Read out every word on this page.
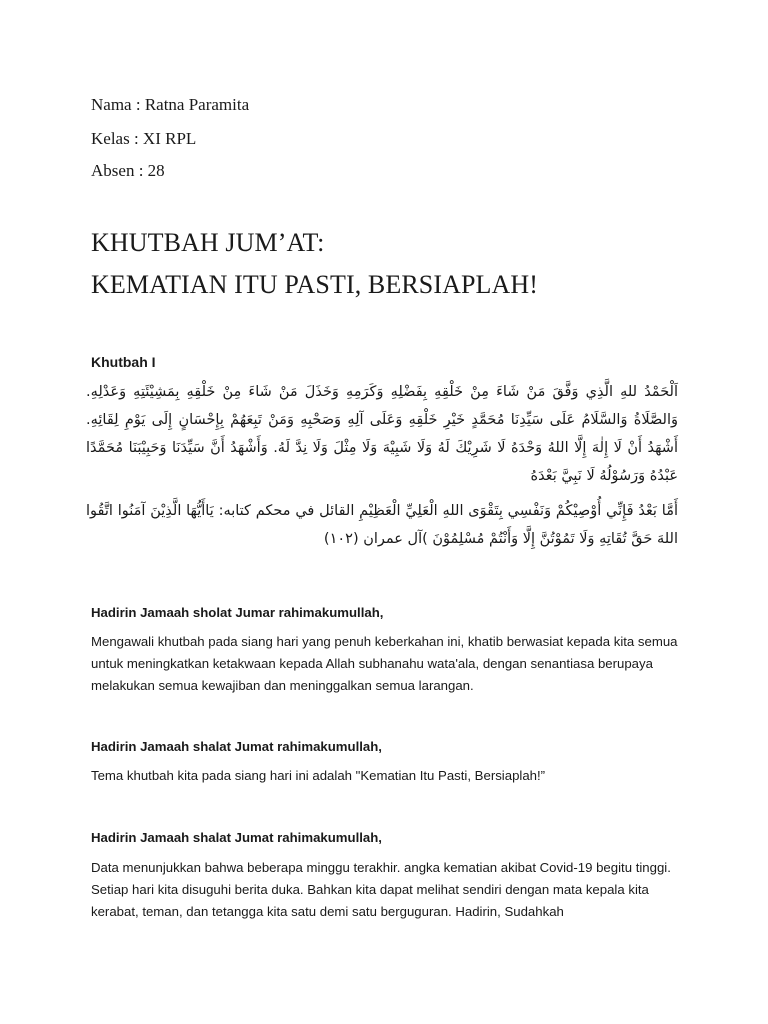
Nama : Ratna Paramita
Kelas : XI RPL
Absen : 28
KHUTBAH JUM’AT:
KEMATIAN ITU PASTI, BERSIAPLAH!
Khutbah I
اَلْحَمْدُ للهِ الَّذِي وَفَّقَ مَنْ شَاءَ مِنْ خَلْقِهِ بِفَضْلِهِ وَكَرَمِهِ وَخَذَلَ مَنْ شَاءَ مِنْ خَلْقِهِ بِمَشِيْئَتِهِ وَعَدْلِهِ. وَالصَّلَاةُ وَالسَّلَامُ عَلَى سَيِّدِنَا مُحَمَّدٍ خَيْرِ خَلْقِهِ وَعَلَى آلِهِ وَصَحْبِهِ وَمَنْ تَبِعَهُمْ بِإِحْسَانٍ إِلَى يَوْمِ لِقَائِهِ. أَشْهَدُ أَنْ لَا إِلٰهَ إِلَّا اللهُ وَحْدَهُ لَا شَرِيْكَ لَهُ وَلَا شَبِيْهَ وَلَا مِثْلَ وَلَا نِدَّ لَهُ. وَأَشْهَدُ أَنَّ سَيِّدَنَا وَحَبِيْبَنَا مُحَمَّدًا عَبْدُهُ وَرَسُوْلُهُ لَا نَبِيَّ بَعْدَهُ
أَمَّا بَعْدُ فَإِنِّي أُوْصِيْكُمْ وَنَفْسِي بِتَقْوَى اللهِ الْعَلِيِّ الْعَظِيْمِ القائل في محكم كتابه: يَاأَيُّهَا الَّذِيْنَ آمَنُوا اتَّقُوا اللهَ حَقَّ تُقَاتِهِ وَلَا تَمُوْتُنَّ إِلَّا وَأَنْتُمْ مُسْلِمُوْنَ )آل عمران (١٠٢)
Hadirin Jamaah sholat Jumar rahimakumullah,
Mengawali khutbah pada siang hari yang penuh keberkahan ini, khatib berwasiat kepada kita semua untuk meningkatkan ketakwaan kepada Allah subhanahu wata'ala, dengan senantiasa berupaya melakukan semua kewajiban dan meninggalkan semua larangan.
Hadirin Jamaah shalat Jumat rahimakumullah,
Tema khutbah kita pada siang hari ini adalah "Kematian Itu Pasti, Bersiaplah!”
Hadirin Jamaah shalat Jumat rahimakumullah,
Data menunjukkan bahwa beberapa minggu terakhir. angka kematian akibat Covid-19 begitu tinggi. Setiap hari kita disuguhi berita duka. Bahkan kita dapat melihat sendiri dengan mata kepala kita kerabat, teman, dan tetangga kita satu demi satu berguguran. Hadirin, Sudahkah
